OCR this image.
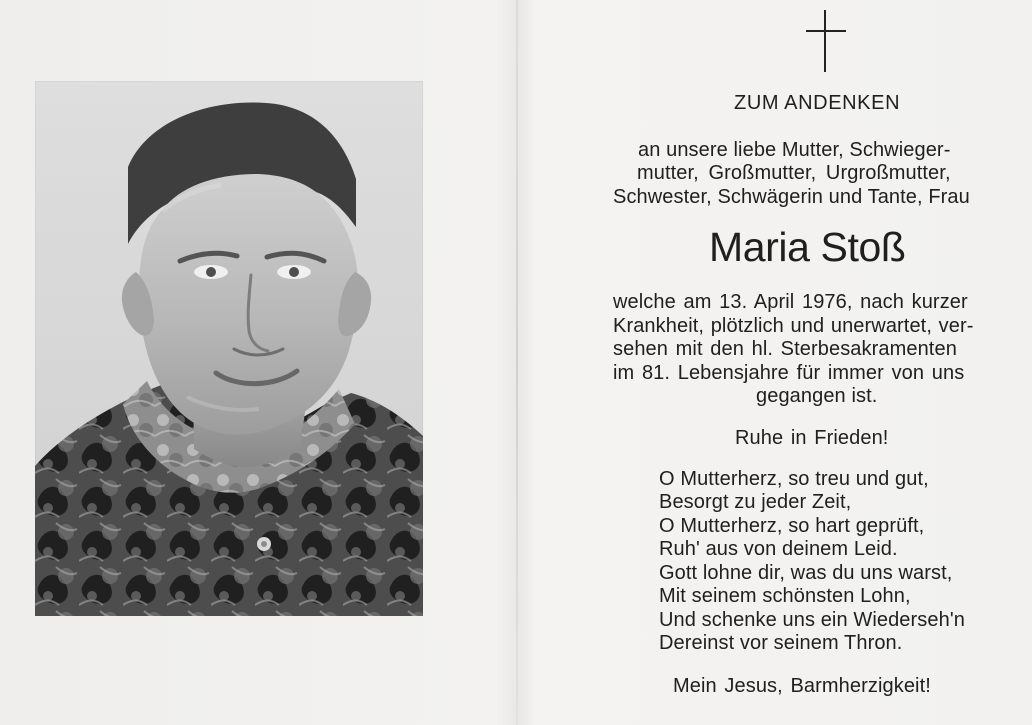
ZUM ANDENKEN
an unsere liebe Mutter, Schwieger-
mutter, Großmutter, Urgroßmutter,
Schwester, Schwägerin und Tante, Frau
Maria Stoß
welche am 13. April 1976, nach kurzer
Krankheit, plötzlich und unerwartet, ver-
sehen mit den hl. Sterbesakramenten
im 81. Lebensjahre für immer von uns
gegangen ist.
Ruhe in Frieden!
O Mutterherz, so treu und gut,
Besorgt zu jeder Zeit,
O Mutterherz, so hart geprüft,
Ruh' aus von deinem Leid.
Gott lohne dir, was du uns warst,
Mit seinem schönsten Lohn,
Und schenke uns ein Wiederseh'n
Dereinst vor seinem Thron.
Mein Jesus, Barmherzigkeit!
